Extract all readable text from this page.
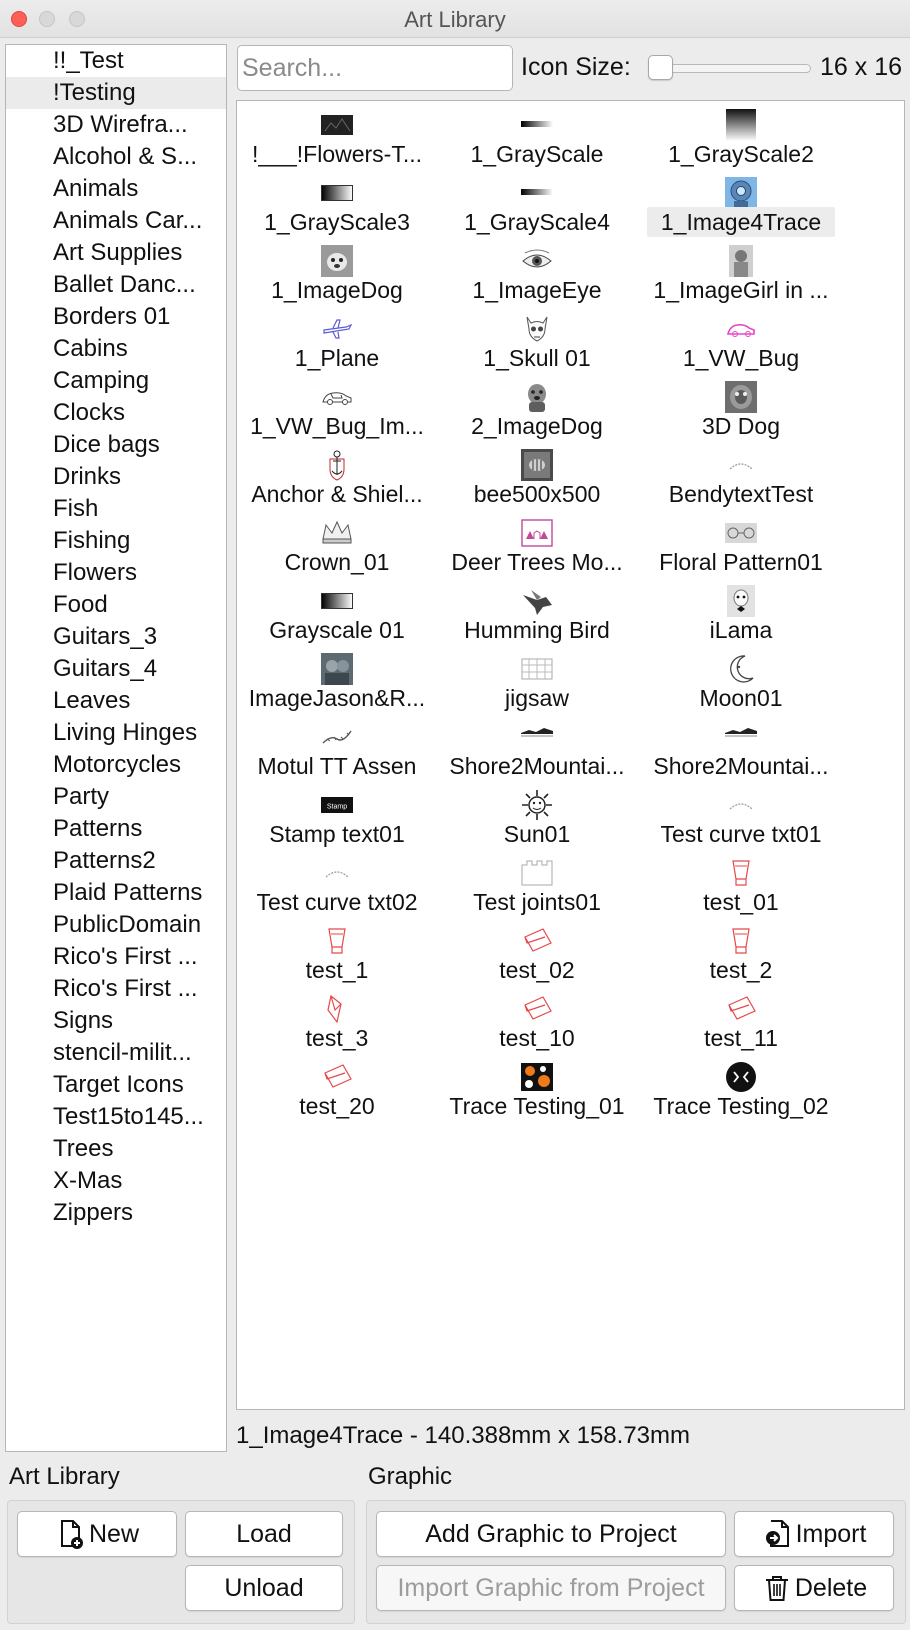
Art Library
!!_Test
!Testing
3D Wirefra...
Alcohol & S...
Animals
Animals Car...
Art Supplies
Ballet Danc...
Borders 01
Cabins
Camping
Clocks
Dice bags
Drinks
Fish
Fishing
Flowers
Food
Guitars_3
Guitars_4
Leaves
Living Hinges
Motorcycles
Party
Patterns
Patterns2
Plaid Patterns
PublicDomain
Rico's First ...
Rico's First ...
Signs
stencil-milit...
Target Icons
Test15to145...
Trees
X-Mas
Zippers
Search...
Icon Size:	16 x 16
!___!Flowers-T...	1_GrayScale	1_GrayScale2
1_GrayScale3	1_GrayScale4	1_Image4Trace
1_ImageDog	1_ImageEye	1_ImageGirl in ...
1_Plane	1_Skull 01	1_VW_Bug
1_VW_Bug_Im...	2_ImageDog	3D Dog
Anchor & Shiel...	bee500x500	BendytextTest
Crown_01	Deer Trees Mo...	Floral Pattern01
Grayscale 01	Humming Bird	iLama
ImageJason&R...	jigsaw	Moon01
Motul TT Assen	Shore2Mountai...	Shore2Mountai...
Stamp
Stamp text01	Sun01	Test curve txt01
Test curve txt02	Test joints01	test_01
test_1	test_02	test_2
test_3	test_10	test_11
test_20	Trace Testing_01	Trace Testing_02
1_Image4Trace - 140.388mm x 158.73mm
Art Library
New	Load
Unload
Graphic
Add Graphic to Project	Import
Import Graphic from Project	Delete
